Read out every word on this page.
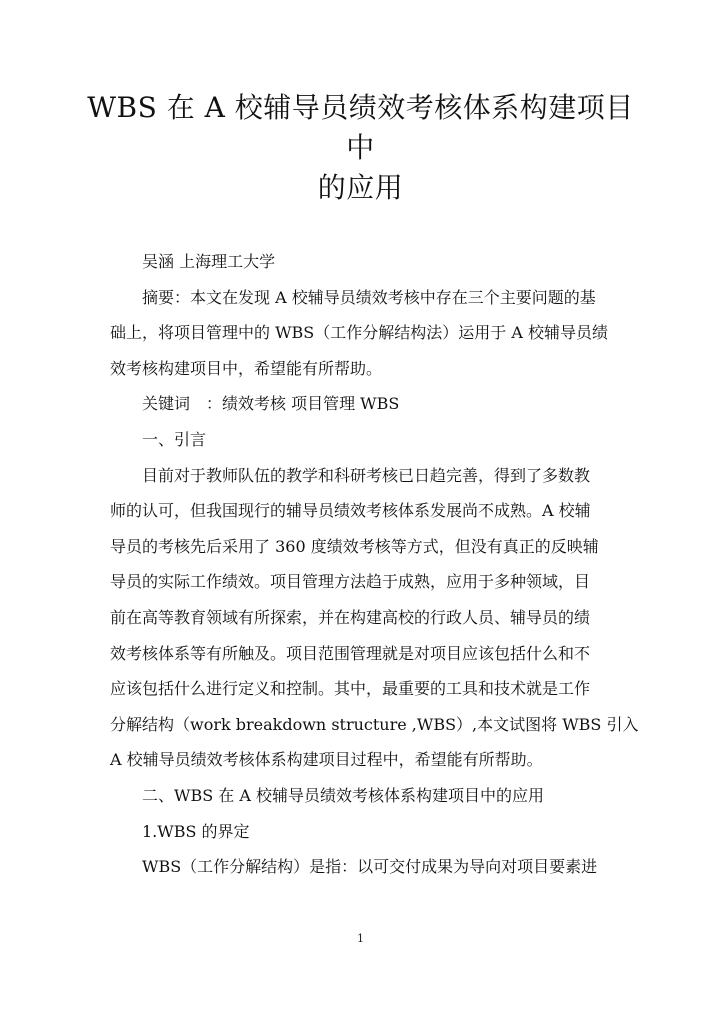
WBS 在 A 校辅导员绩效考核体系构建项目中
的应用

吴涵 上海理工大学

摘要：本文在发现 A 校辅导员绩效考核中存在三个主要问题的基

础上，将项目管理中的 WBS（工作分解结构法）运用于 A 校辅导员绩

效考核构建项目中，希望能有所帮助。

关键词　：绩效考核 项目管理 WBS

一、引言

目前对于教师队伍的教学和科研考核已日趋完善，得到了多数教

师的认可，但我国现行的辅导员绩效考核体系发展尚不成熟。A 校辅

导员的考核先后采用了 360 度绩效考核等方式，但没有真正的反映辅

导员的实际工作绩效。项目管理方法趋于成熟，应用于多种领域，目

前在高等教育领域有所探索，并在构建高校的行政人员、辅导员的绩

效考核体系等有所触及。项目范围管理就是对项目应该包括什么和不

应该包括什么进行定义和控制。其中，最重要的工具和技术就是工作

分解结构（work breakdown structure ,WBS）,本文试图将 WBS 引入

A 校辅导员绩效考核体系构建项目过程中，希望能有所帮助。

二、WBS 在 A 校辅导员绩效考核体系构建项目中的应用

1.WBS 的界定

WBS（工作分解结构）是指：以可交付成果为导向对项目要素进

1
